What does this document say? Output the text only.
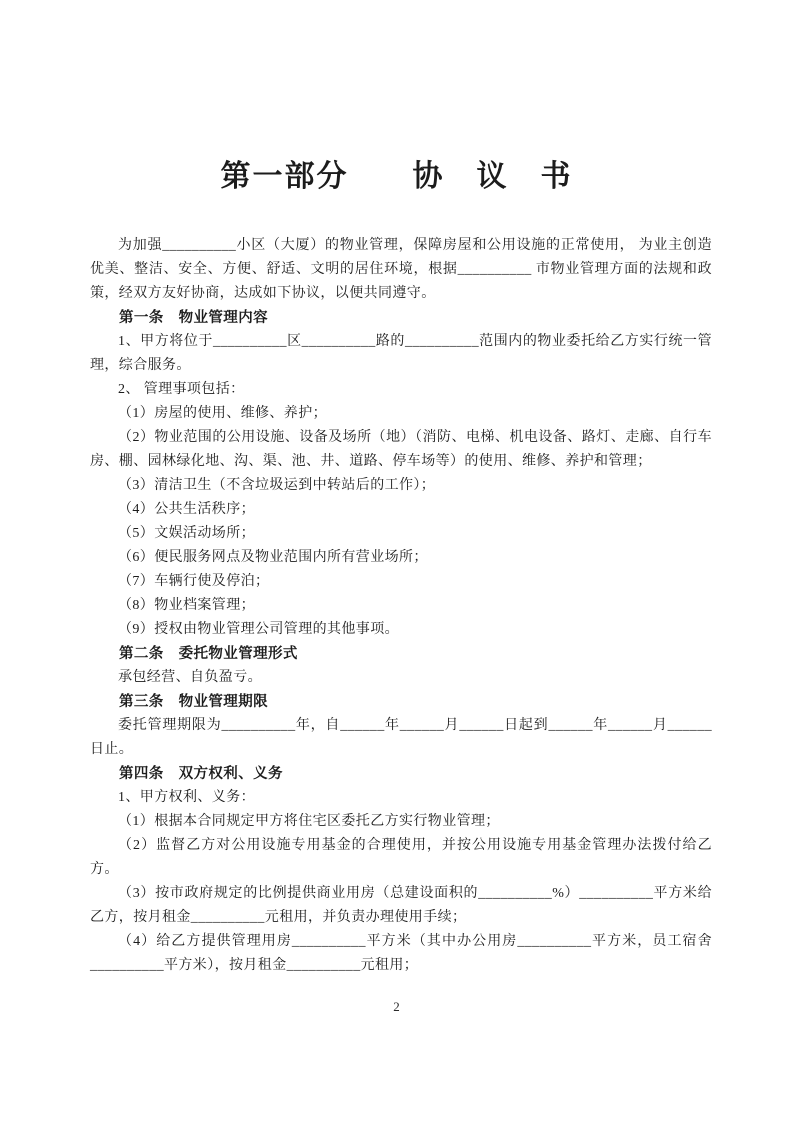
第一部分　　协　议　书

为加强__________小区（大厦）的物业管理，保障房屋和公用设施的正常使用， 为业主创造优美、整洁、安全、方便、舒适、文明的居住环境，根据__________ 市物业管理方面的法规和政策，经双方友好协商，达成如下协议，以便共同遵守。

第一条　物业管理内容

1、甲方将位于__________区__________路的__________范围内的物业委托给乙方实行统一管理，综合服务。

2、 管理事项包括：

（1）房屋的使用、维修、养护；

（2）物业范围的公用设施、设备及场所（地）（消防、电梯、机电设备、路灯、走廊、自行车房、棚、园林绿化地、沟、渠、池、井、道路、停车场等）的使用、维修、养护和管理；

（3）清洁卫生（不含垃圾运到中转站后的工作）；

（4）公共生活秩序；

（5）文娱活动场所；

（6）便民服务网点及物业范围内所有营业场所；

（7）车辆行使及停泊；

（8）物业档案管理；

（9）授权由物业管理公司管理的其他事项。

第二条　委托物业管理形式

承包经营、自负盈亏。

第三条　物业管理期限

委托管理期限为__________年，自______年______月______日起到______年______月______日止。

第四条　双方权利、义务

1、甲方权利、义务：

（1）根据本合同规定甲方将住宅区委托乙方实行物业管理；

（2）监督乙方对公用设施专用基金的合理使用，并按公用设施专用基金管理办法拨付给乙方。

（3）按市政府规定的比例提供商业用房（总建设面积的__________%）__________平方米给乙方，按月租金__________元租用，并负责办理使用手续；

（4）给乙方提供管理用房__________平方米（其中办公用房__________平方米，员工宿舍__________平方米），按月租金__________元租用；

2
